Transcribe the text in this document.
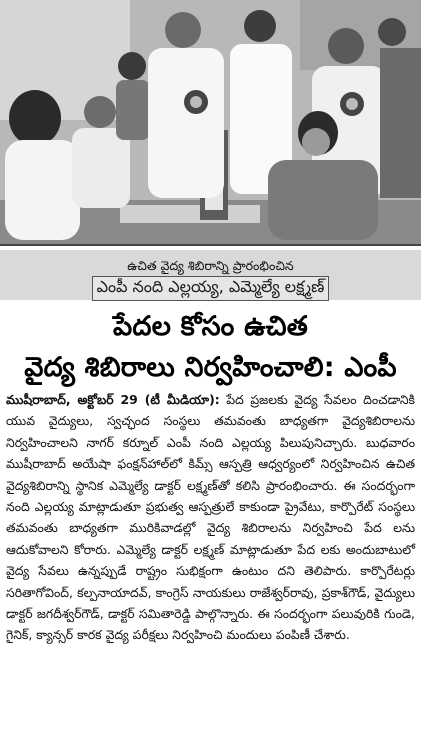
ఉచిత వైద్య శిబిరాన్ని ప్రారంభించిన
ఎంపీ నంది ఎల్లయ్య, ఎమ్మెల్యే లక్ష్మణ్
పేదల కోసం ఉచిత
వైద్య శిబిరాలు నిర్వహించాలి: ఎంపీ

ముషీరాబాద్, అక్టోబర్ 29 (టీ మీడియా): పేద ప్రజలకు వైద్య సేవలం దించడానికి యువ వైద్యులు, స్వచ్ఛంద సంస్థలు తమవంతు బాధ్యతగా వైద్యశిబిరాలను నిర్వహించాలని నాగర్ కర్నూల్ ఎంపీ నంది ఎల్లయ్య పిలుపునిచ్చారు. బుధవారం ముషీరాబాద్ అయేషా ఫంక్షన్‌హాల్‌లో కిమ్స్ ఆస్పత్రి ఆధ్వర్యంలో నిర్వహించిన ఉచిత వైద్యశిబిరాన్ని స్థానిక ఎమ్మెల్యే డాక్టర్ లక్ష్మణ్‌తో కలిసి ప్రారంభించారు. ఈ సందర్భంగా నంది ఎల్లయ్య మాట్లాడుతూ ప్రభుత్వ ఆస్పత్రులే కాకుండా ప్రైవేటు, కార్పొరేట్ సంస్థలు తమవంతు బాధ్యతగా మురికివాడల్లో వైద్య శిబిరాలను నిర్వహించి పేద లను ఆదుకోవాలని కోరారు. ఎమ్మెల్యే డాక్టర్ లక్ష్మణ్ మాట్లాడుతూ పేద లకు అందుబాటులో వైద్య సేవలు ఉన్నప్పుడే రాష్ట్రం సుభిక్షంగా ఉంటుం దని తెలిపారు. కార్పొరేటర్లు సరితాగోవింద్, కల్పనాయాదవ్, కాంగ్రెస్ నాయకులు రాజేశ్వర్‌రావు, ప్రకాశ్‌గౌడ్, వైద్యులు డాక్టర్ జగదీశ్వర్‌గౌడ్, డాక్టర్ సమితారెడ్డి పాల్గొన్నారు. ఈ సందర్భంగా పలువురికి గుండె, గైనిక్, క్యాన్సర్ కారక వైద్య పరీక్షలు నిర్వహించి మందులు పంపిణీ చేశారు.
